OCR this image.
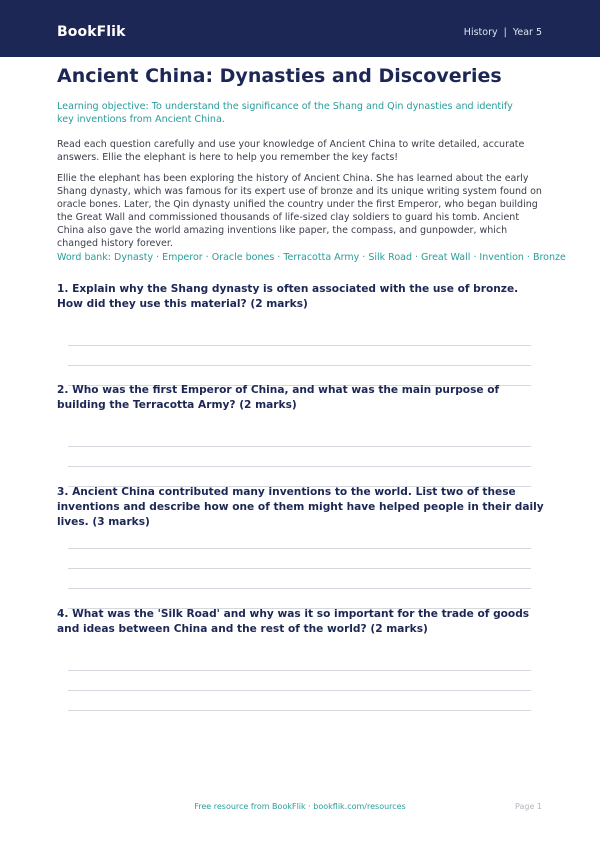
BookFlik	History | Year 5
Ancient China: Dynasties and Discoveries
Learning objective: To understand the significance of the Shang and Qin dynasties and identify key inventions from Ancient China.
Read each question carefully and use your knowledge of Ancient China to write detailed, accurate answers. Ellie the elephant is here to help you remember the key facts!
Ellie the elephant has been exploring the history of Ancient China. She has learned about the early Shang dynasty, which was famous for its expert use of bronze and its unique writing system found on oracle bones. Later, the Qin dynasty unified the country under the first Emperor, who began building the Great Wall and commissioned thousands of life-sized clay soldiers to guard his tomb. Ancient China also gave the world amazing inventions like paper, the compass, and gunpowder, which changed history forever.
Word bank: Dynasty · Emperor · Oracle bones · Terracotta Army · Silk Road · Great Wall · Invention · Bronze
1. Explain why the Shang dynasty is often associated with the use of bronze. How did they use this material? (2 marks)
2. Who was the first Emperor of China, and what was the main purpose of building the Terracotta Army? (2 marks)
3. Ancient China contributed many inventions to the world. List two of these inventions and describe how one of them might have helped people in their daily lives. (3 marks)
4. What was the 'Silk Road' and why was it so important for the trade of goods and ideas between China and the rest of the world? (2 marks)
Free resource from BookFlik · bookflik.com/resources	Page 1
